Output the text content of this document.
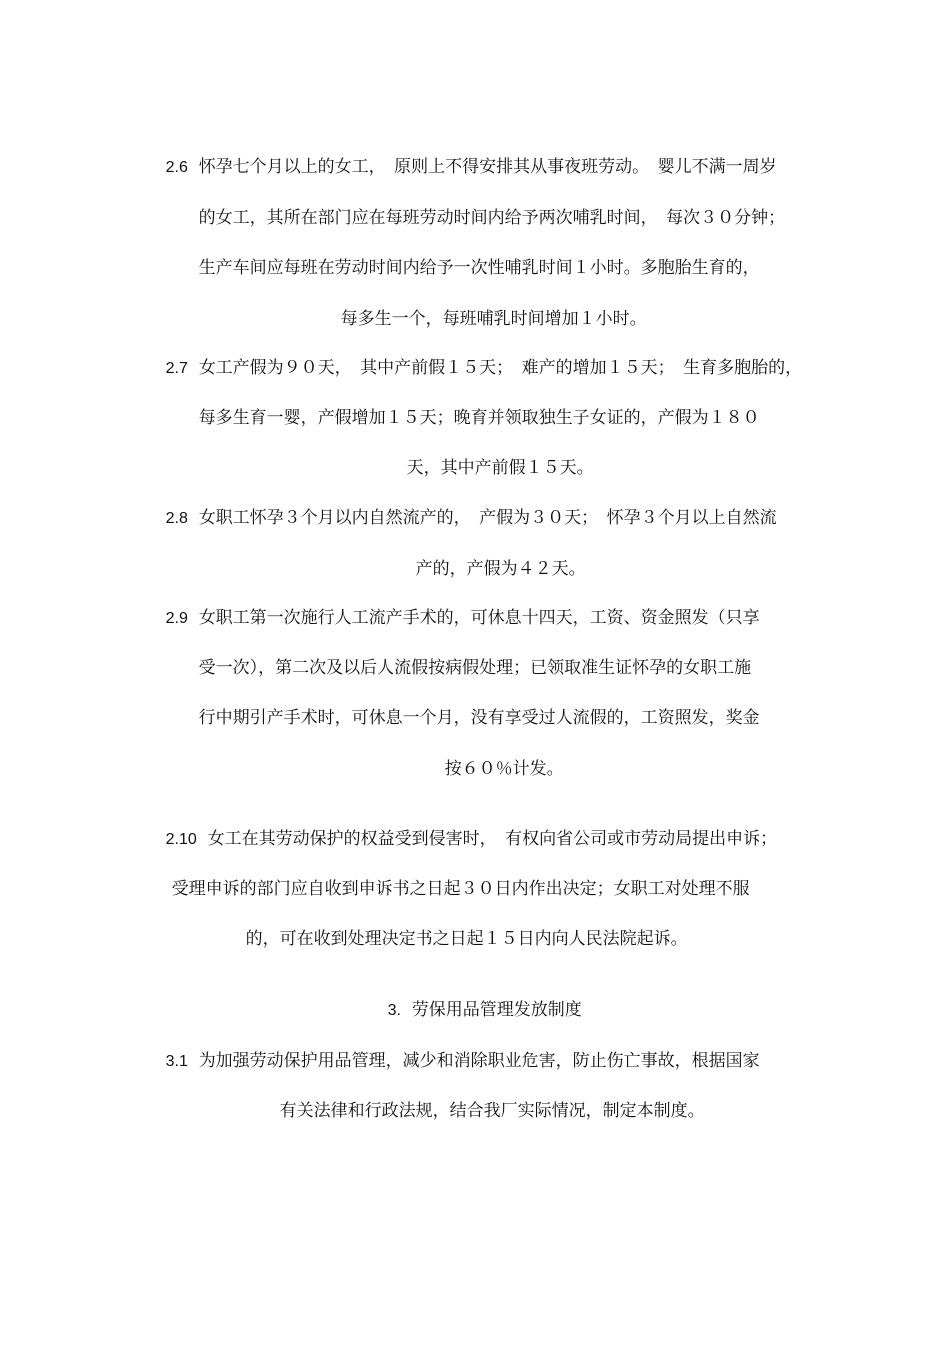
2.6 怀孕七个月以上的女工，　原则上不得安排其从事夜班劳动。　婴儿不满一周岁

的女工，其所在部门应在每班劳动时间内给予两次哺乳时间，　每次３０分钟；

生产车间应每班在劳动时间内给予一次性哺乳时间１小时。多胞胎生育的，

每多生一个，每班哺乳时间增加１小时。

2.7 女工产假为９０天，　其中产前假１５天；　难产的增加１５天；　生育多胞胎的，

每多生育一婴，产假增加１５天；晚育并领取独生子女证的，产假为１８０

天，其中产前假１５天。

2.8 女职工怀孕３个月以内自然流产的，　产假为３０天；　怀孕３个月以上自然流

产的，产假为４２天。

2.9 女职工第一次施行人工流产手术的，可休息十四天，工资、资金照发（只享

受一次），第二次及以后人流假按病假处理；已领取准生证怀孕的女职工施

行中期引产手术时，可休息一个月，没有享受过人流假的，工资照发，奖金

按６０％计发。

2.10 女工在其劳动保护的权益受到侵害时，　有权向省公司或市劳动局提出申诉；

受理申诉的部门应自收到申诉书之日起３０日内作出决定；女职工对处理不服

的，可在收到处理决定书之日起１５日内向人民法院起诉。

3. 劳保用品管理发放制度

3.1 为加强劳动保护用品管理，减少和消除职业危害，防止伤亡事故，根据国家

有关法律和行政法规，结合我厂实际情况，制定本制度。
